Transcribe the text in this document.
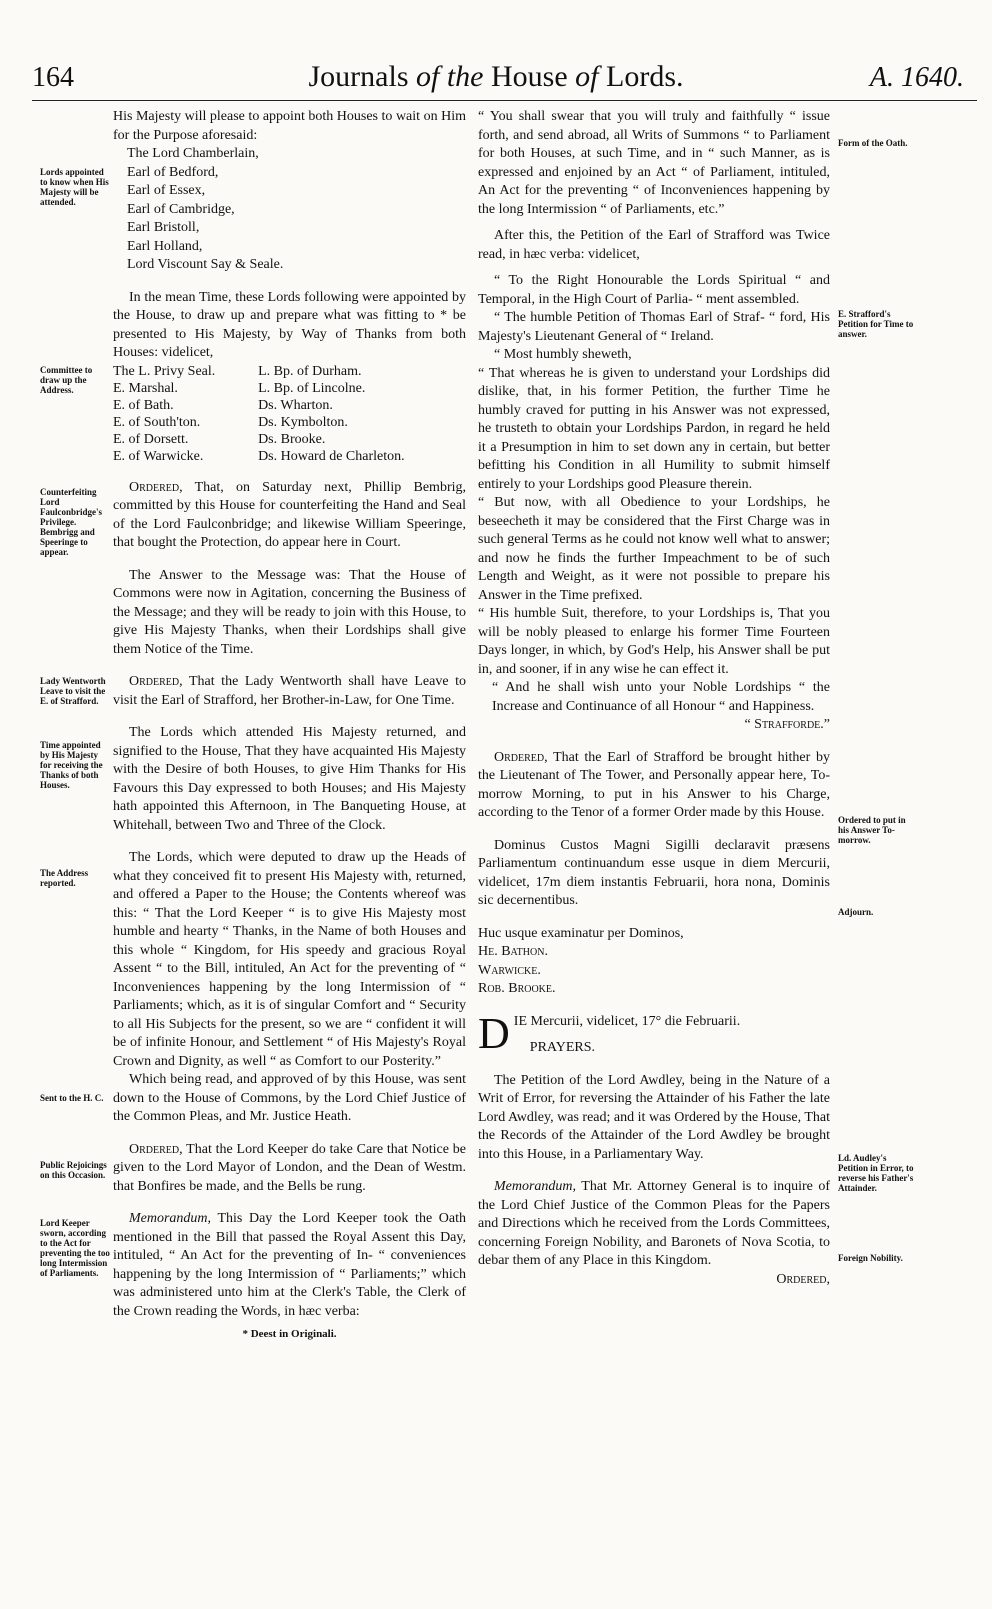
164	Journals of the House of Lords.	A. 1640.
Lords appointed to know when His Majesty will be attended.
Committee to draw up the Address.
Counterfeiting Lord Faulconbridge's Privilege. Bembrigg and Speeringe to appear.
Lady Wentworth Leave to visit the E. of Strafford.
Time appointed by His Majesty for receiving the Thanks of both Houses.
The Address reported.
Sent to the H. C.
Public Rejoicings on this Occasion.
Lord Keeper sworn, according to the Act for preventing the too long Intermission of Parliaments.
Form of the Oath.
E. Strafford's Petition for Time to answer.
Ordered to put in his Answer To-morrow.
Adjourn.
Ld. Audley's Petition in Error, to reverse his Father's Attainder.
Foreign Nobility.

His Majesty will please to appoint both Houses to wait on Him for the Purpose aforesaid:

The Lord Chamberlain,

Earl of Bedford,

Earl of Essex,

Earl of Cambridge,

Earl Bristoll,

Earl Holland,

Lord Viscount Say & Seale.

In the mean Time, these Lords following were appointed by the House, to draw up and prepare what was fitting to * be presented to His Majesty, by Way of Thanks from both Houses: videlicet,

The L. Privy Seal.	L. Bp. of Durham.
E. Marshal.	L. Bp. of Lincolne.
E. of Bath.	Ds. Wharton.
E. of South'ton.	Ds. Kymbolton.
E. of Dorsett.	Ds. Brooke.
E. of Warwicke.	Ds. Howard de Charleton.

Ordered, That, on Saturday next, Phillip Bembrig, committed by this House for counterfeiting the Hand and Seal of the Lord Faulconbridge; and likewise William Speeringe, that bought the Protection, do appear here in Court.

The Answer to the Message was: That the House of Commons were now in Agitation, concerning the Business of the Message; and they will be ready to join with this House, to give His Majesty Thanks, when their Lordships shall give them Notice of the Time.

Ordered, That the Lady Wentworth shall have Leave to visit the Earl of Strafford, her Brother-in-Law, for One Time.

The Lords which attended His Majesty returned, and signified to the House, That they have acquainted His Majesty with the Desire of both Houses, to give Him Thanks for His Favours this Day expressed to both Houses; and His Majesty hath appointed this Afternoon, in The Banqueting House, at Whitehall, between Two and Three of the Clock.

The Lords, which were deputed to draw up the Heads of what they conceived fit to present His Majesty with, returned, and offered a Paper to the House; the Contents whereof was this: “ That the Lord Keeper “ is to give His Majesty most humble and hearty “ Thanks, in the Name of both Houses and this whole “ Kingdom, for His speedy and gracious Royal Assent “ to the Bill, intituled, An Act for the preventing of “ Inconveniences happening by the long Intermission of “ Parliaments; which, as it is of singular Comfort and “ Security to all His Subjects for the present, so we are “ confident it will be of infinite Honour, and Settlement “ of His Majesty's Royal Crown and Dignity, as well “ as Comfort to our Posterity.”

Which being read, and approved of by this House, was sent down to the House of Commons, by the Lord Chief Justice of the Common Pleas, and Mr. Justice Heath.

Ordered, That the Lord Keeper do take Care that Notice be given to the Lord Mayor of London, and the Dean of Westm. that Bonfires be made, and the Bells be rung.

Memorandum, This Day the Lord Keeper took the Oath mentioned in the Bill that passed the Royal Assent this Day, intituled, “ An Act for the preventing of In- “ conveniences happening by the long Intermission of “ Parliaments;” which was administered unto him at the Clerk's Table, the Clerk of the Crown reading the Words, in hæc verba:

* Deest in Originali.

“ You shall swear that you will truly and faithfully “ issue forth, and send abroad, all Writs of Summons “ to Parliament for both Houses, at such Time, and in “ such Manner, as is expressed and enjoined by an Act “ of Parliament, intituled, An Act for the preventing “ of Inconveniences happening by the long Intermission “ of Parliaments, etc.”

After this, the Petition of the Earl of Strafford was Twice read, in hæc verba: videlicet,

“ To the Right Honourable the Lords Spiritual “ and Temporal, in the High Court of Parlia- “ ment assembled.

“ The humble Petition of Thomas Earl of Straf- “ ford, His Majesty's Lieutenant General of “ Ireland.

“ Most humbly sheweth,

“ That whereas he is given to understand your Lordships did dislike, that, in his former Petition, the further Time he humbly craved for putting in his Answer was not expressed, he trusteth to obtain your Lordships Pardon, in regard he held it a Presumption in him to set down any in certain, but better befitting his Condition in all Humility to submit himself entirely to your Lordships good Pleasure therein.

“ But now, with all Obedience to your Lordships, he beseecheth it may be considered that the First Charge was in such general Terms as he could not know well what to answer; and now he finds the further Impeachment to be of such Length and Weight, as it were not possible to prepare his Answer in the Time prefixed.

“ His humble Suit, therefore, to your Lordships is, That you will be nobly pleased to enlarge his former Time Fourteen Days longer, in which, by God's Help, his Answer shall be put in, and sooner, if in any wise he can effect it.

“ And he shall wish unto your Noble Lordships “ the Increase and Continuance of all Honour “ and Happiness.

“ Strafforde.”

Ordered, That the Earl of Strafford be brought hither by the Lieutenant of The Tower, and Personally appear here, To-morrow Morning, to put in his Answer to his Charge, according to the Tenor of a former Order made by this House.

Dominus Custos Magni Sigilli declaravit præsens Parliamentum continuandum esse usque in diem Mercurii, videlicet, 17m diem instantis Februarii, hora nona, Dominis sic decernentibus.

Huc usque examinatur per Dominos,

He. Bathon.

Warwicke.

Rob. Brooke.

DIE Mercurii, videlicet, 17° die Februarii.

PRAYERS.

The Petition of the Lord Awdley, being in the Nature of a Writ of Error, for reversing the Attainder of his Father the late Lord Awdley, was read; and it was Ordered by the House, That the Records of the Attainder of the Lord Awdley be brought into this House, in a Parliamentary Way.

Memorandum, That Mr. Attorney General is to inquire of the Lord Chief Justice of the Common Pleas for the Papers and Directions which he received from the Lords Committees, concerning Foreign Nobility, and Baronets of Nova Scotia, to debar them of any Place in this Kingdom.

Ordered,
